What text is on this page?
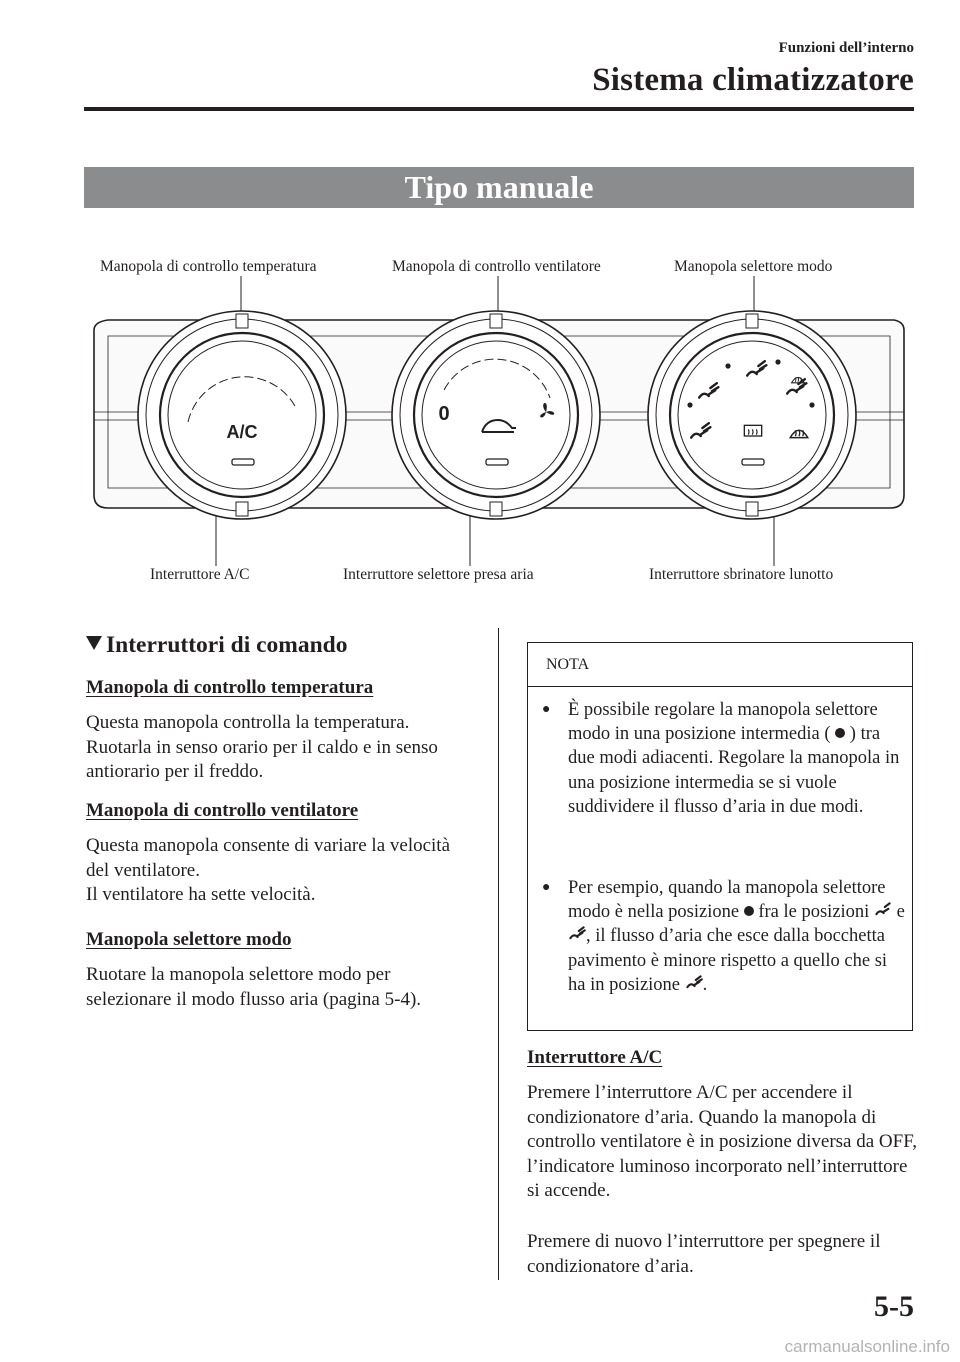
Funzioni dell’interno
Sistema climatizzatore
Tipo manuale
A/C
0
Manopola di controllo temperatura	Manopola di controllo ventilatore	Manopola selettore modo
Interruttore A/C	Interruttore selettore presa aria	Interruttore sbrinatore lunotto
Interruttori di comando
Manopola di controllo temperatura
Questa manopola controlla la temperatura. Ruotarla in senso orario per il caldo e in senso antiorario per il freddo.
Manopola di controllo ventilatore
Questa manopola consente di variare la velocità del ventilatore.
Il ventilatore ha sette velocità.
Manopola selettore modo
Ruotare la manopola selettore modo per selezionare il modo flusso aria (pagina 5-4).
NOTA
● È possibile regolare la manopola selettore modo in una posizione intermedia ( ) tra due modi adiacenti. Regolare la manopola in una posizione intermedia se si vuole suddividere il flusso d’aria in due modi.
● Per esempio, quando la manopola selettore modo è nella posizione fra le posizioni e , il flusso d’aria che esce dalla bocchetta pavimento è minore rispetto a quello che si ha in posizione .
Interruttore A/C
Premere l’interruttore A/C per accendere il condizionatore d’aria. Quando la manopola di controllo ventilatore è in posizione diversa da OFF, l’indicatore luminoso incorporato nell’interruttore si accende.
Premere di nuovo l’interruttore per spegnere il condizionatore d’aria.
5-5
carmanualsonline.info
